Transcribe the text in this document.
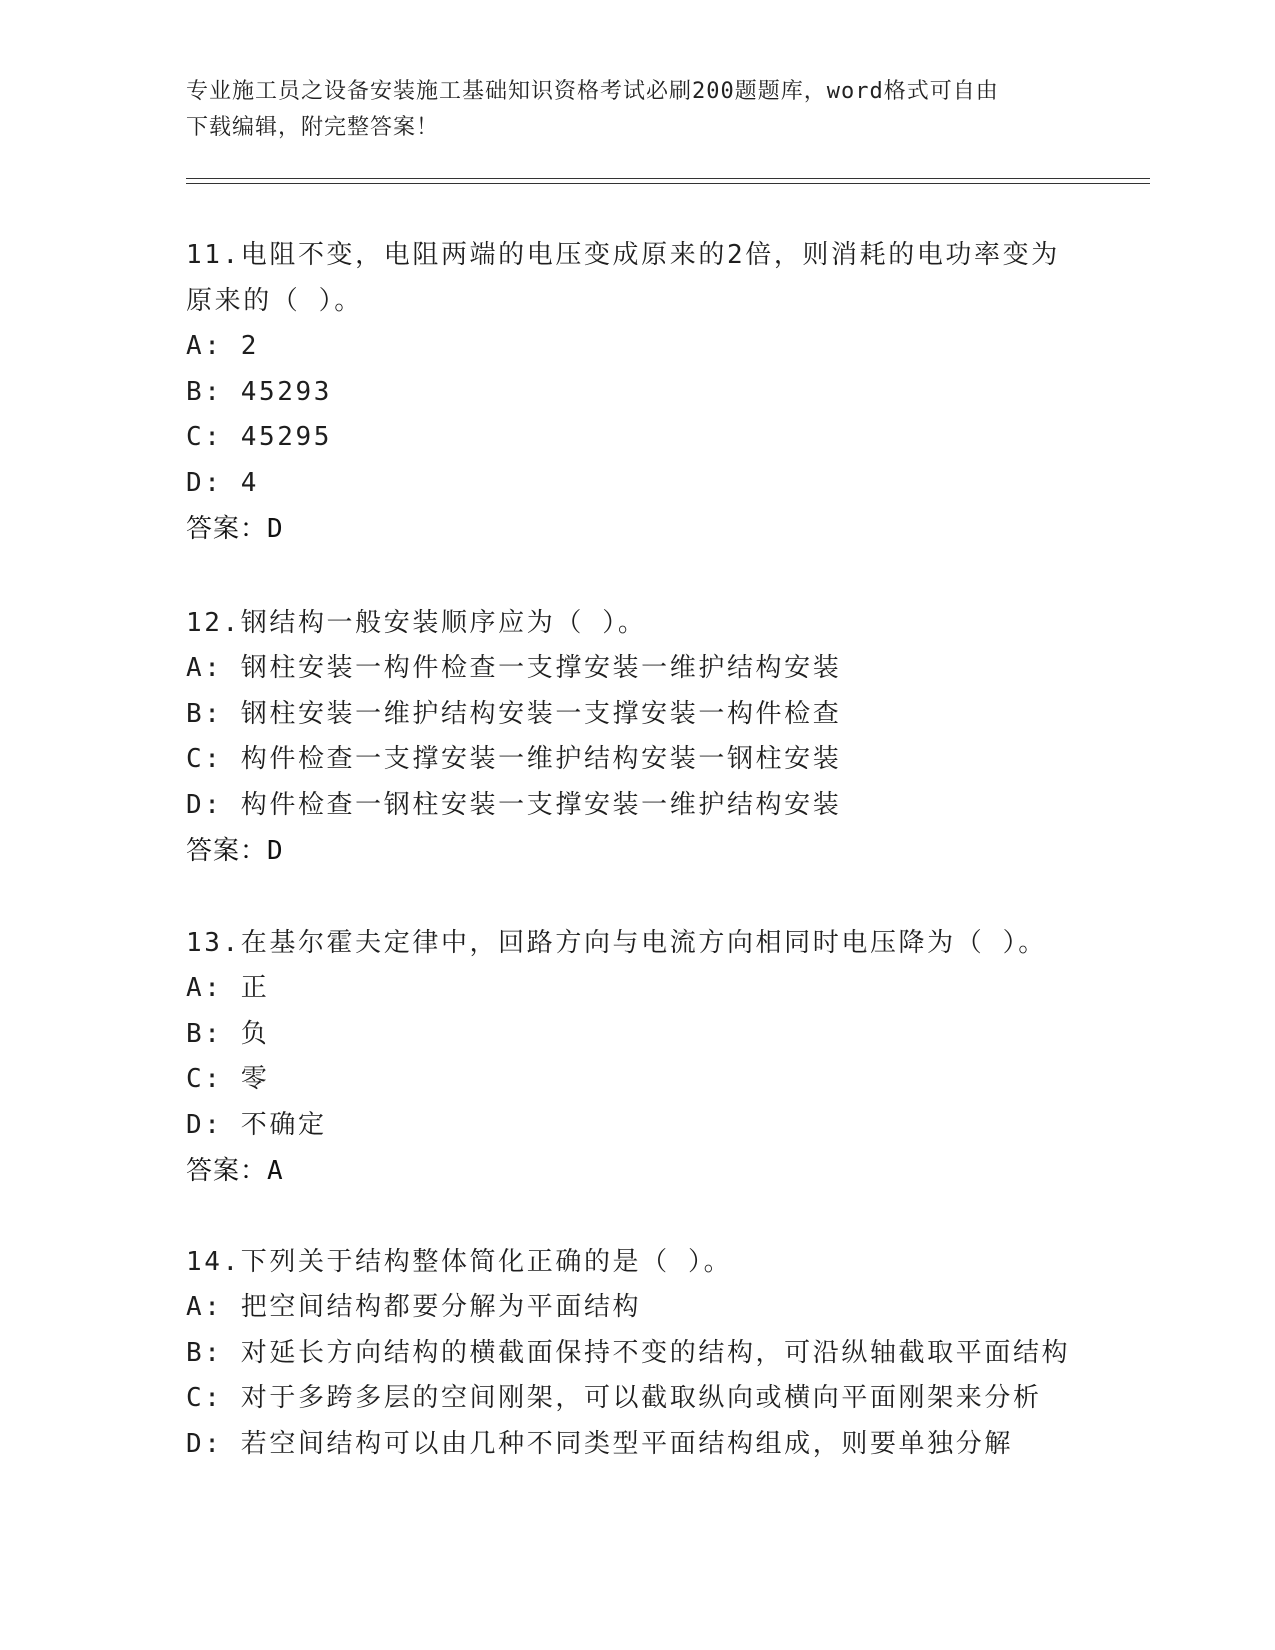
专业施工员之设备安装施工基础知识资格考试必刷200题题库，word格式可自由
下载编辑，附完整答案！
11.电阻不变，电阻两端的电压变成原来的2倍，则消耗的电功率变为原来的（ ）。
A: 2
B: 45293
C: 45295
D: 4
答案：D
12.钢结构一般安装顺序应为（ ）。
A: 钢柱安装一构件检查一支撑安装一维护结构安装
B: 钢柱安装一维护结构安装一支撑安装一构件检查
C: 构件检查一支撑安装一维护结构安装一钢柱安装
D: 构件检查一钢柱安装一支撑安装一维护结构安装
答案：D
13.在基尔霍夫定律中，回路方向与电流方向相同时电压降为（ ）。
A: 正
B: 负
C: 零
D: 不确定
答案：A
14.下列关于结构整体简化正确的是（ ）。
A: 把空间结构都要分解为平面结构
B: 对延长方向结构的横截面保持不变的结构，可沿纵轴截取平面结构
C: 对于多跨多层的空间刚架，可以截取纵向或横向平面刚架来分析
D: 若空间结构可以由几种不同类型平面结构组成，则要单独分解
